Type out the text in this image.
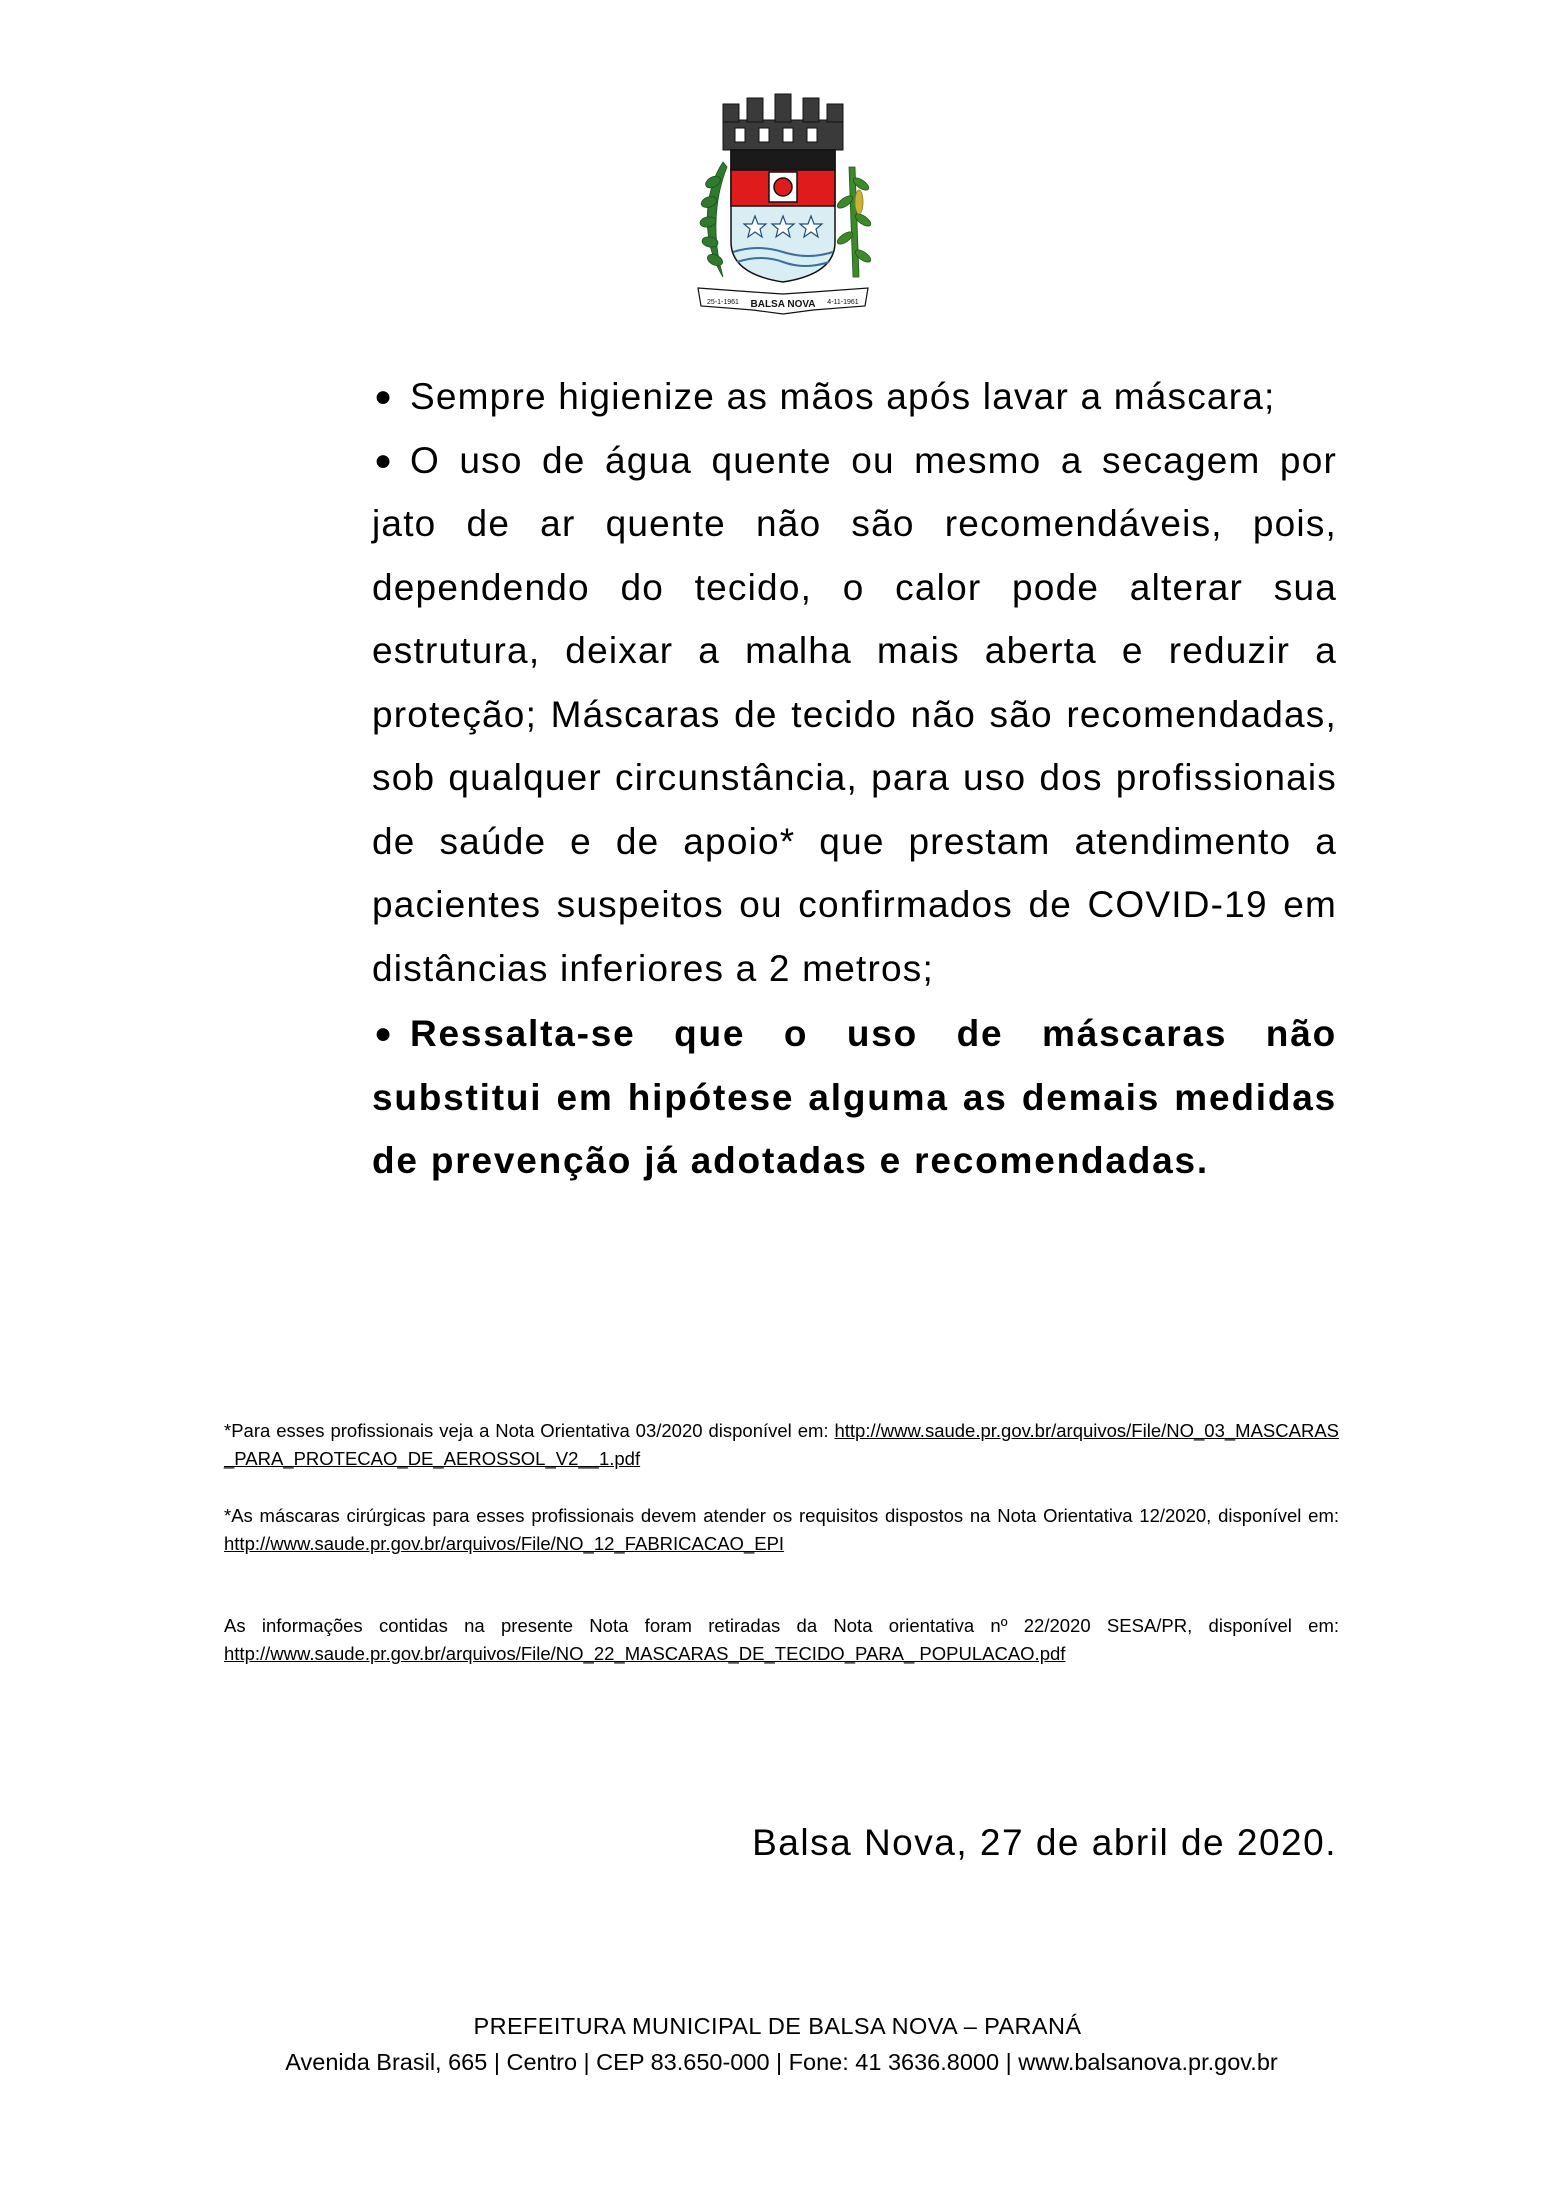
25-1-1961 BALSA NOVA 4-11-1961
● Sempre higienize as mãos após lavar a máscara;
● O uso de água quente ou mesmo a secagem por jato de ar quente não são recomendáveis, pois, dependendo do tecido, o calor pode alterar sua estrutura, deixar a malha mais aberta e reduzir a proteção; Máscaras de tecido não são recomendadas, sob qualquer circunstância, para uso dos profissionais de saúde e de apoio* que prestam atendimento a pacientes suspeitos ou confirmados de COVID-19 em distâncias inferiores a 2 metros;
● Ressalta-se que o uso de máscaras não substitui em hipótese alguma as demais medidas de prevenção já adotadas e recomendadas.
*Para esses profissionais veja a Nota Orientativa 03/2020 disponível em: http://www.saude.pr.gov.br/arquivos/File/NO_03_MASCARAS_PARA_PROTECAO_DE_AEROSSOL_V2__1.pdf
*As máscaras cirúrgicas para esses profissionais devem atender os requisitos dispostos na Nota Orientativa 12/2020, disponível em: http://www.saude.pr.gov.br/arquivos/File/NO_12_FABRICACAO_EPI
As informações contidas na presente Nota foram retiradas da Nota orientativa nº 22/2020 SESA/PR, disponível em: http://www.saude.pr.gov.br/arquivos/File/NO_22_MASCARAS_DE_TECIDO_PARA_ POPULACAO.pdf
Balsa Nova, 27 de abril de 2020.
PREFEITURA MUNICIPAL DE BALSA NOVA – PARANÁ
Avenida Brasil, 665 | Centro | CEP 83.650-000 | Fone: 41 3636.8000 | www.balsanova.pr.gov.br
